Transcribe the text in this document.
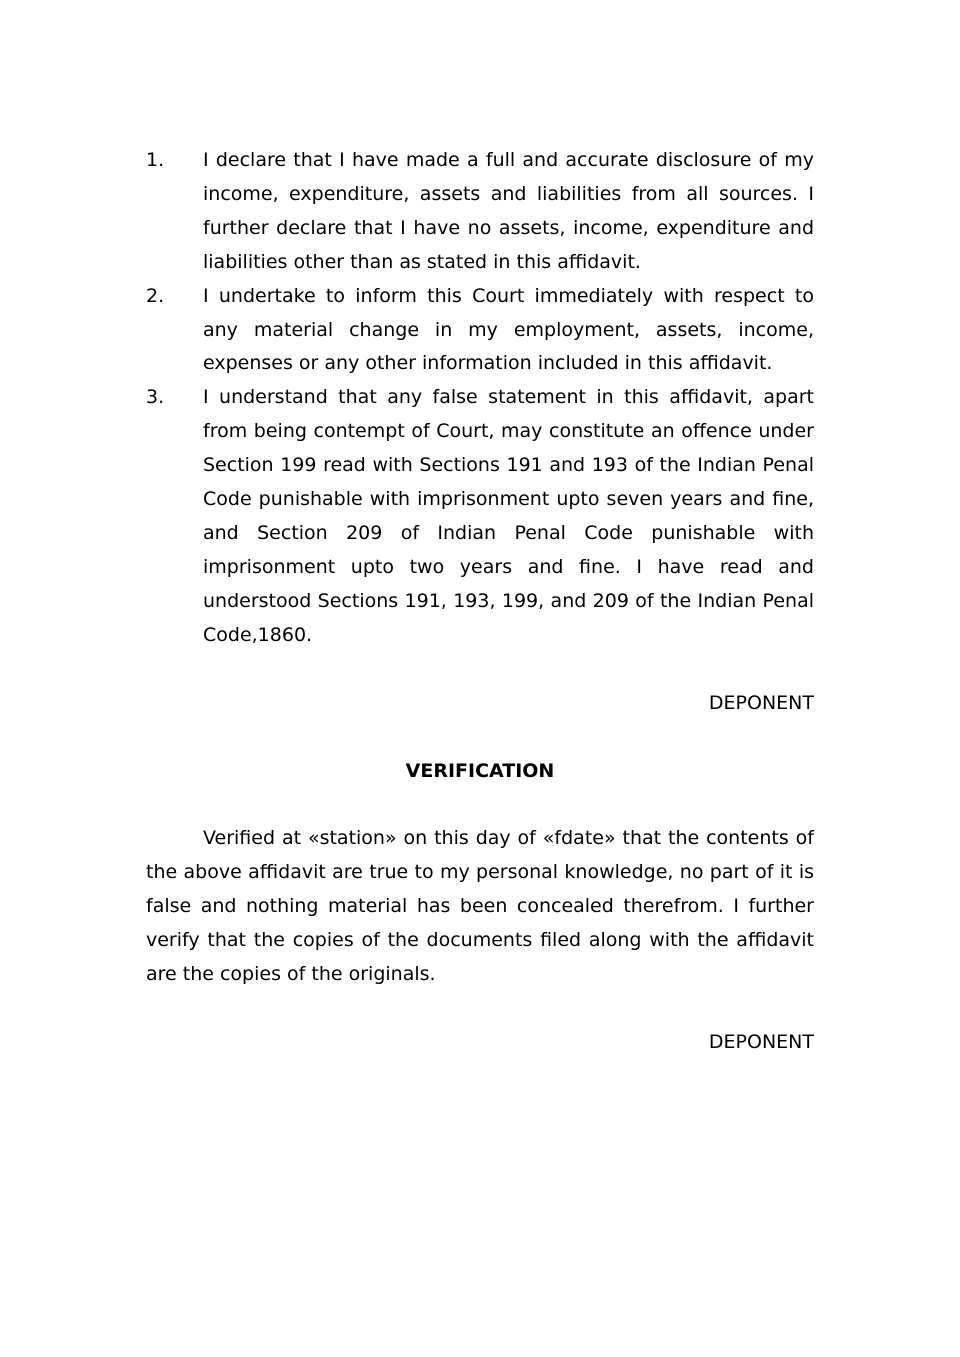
1.	I declare that I have made a full and accurate disclosure of my income, expenditure, assets and liabilities from all sources. I further declare that I have no assets, income, expenditure and liabilities other than as stated in this affidavit.
2.	I undertake to inform this Court immediately with respect to any material change in my employment, assets, income, expenses or any other information included in this affidavit.
3.	I understand that any false statement in this affidavit, apart from being contempt of Court, may constitute an offence under Section 199 read with Sections 191 and 193 of the Indian Penal Code punishable with imprisonment upto seven years and fine, and Section 209 of Indian Penal Code punishable with imprisonment upto two years and fine. I have read and understood Sections 191, 193, 199, and 209 of the Indian Penal Code,1860.
DEPONENT
VERIFICATION
Verified at «station» on this day of «fdate» that the contents of the above affidavit are true to my personal knowledge, no part of it is false and nothing material has been concealed therefrom. I further verify that the copies of the documents filed along with the affidavit are the copies of the originals.
DEPONENT
